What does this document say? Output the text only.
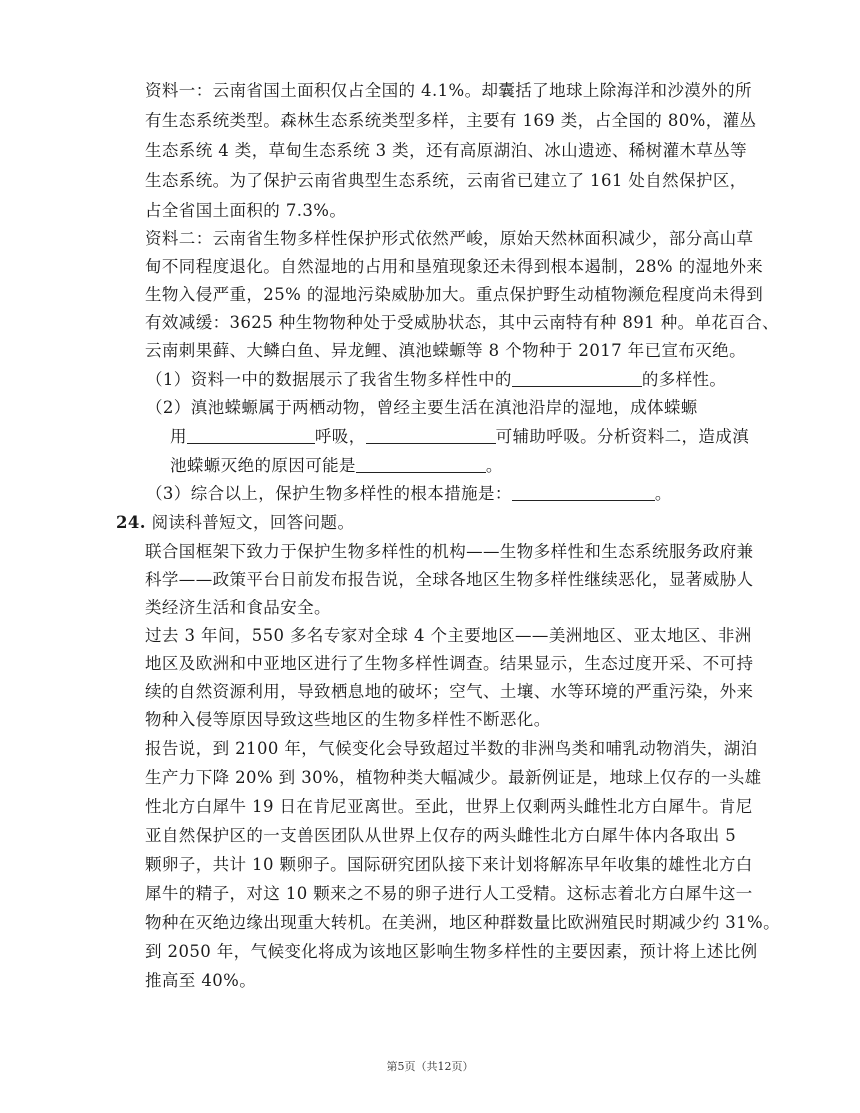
资料一：云南省国土面积仅占全国的 4.1%。却囊括了地球上除海洋和沙漠外的所
有生态系统类型。森林生态系统类型多样，主要有 169 类，占全国的 80%，灌丛
生态系统 4 类，草甸生态系统 3 类，还有高原湖泊、冰山遗迹、稀树灌木草丛等
生态系统。为了保护云南省典型生态系统，云南省已建立了 161 处自然保护区，
占全省国土面积的 7.3%。
资料二：云南省生物多样性保护形式依然严峻，原始天然林面积减少，部分高山草
甸不同程度退化。自然湿地的占用和垦殖现象还未得到根本遏制，28% 的湿地外来
生物入侵严重，25% 的湿地污染威胁加大。重点保护野生动植物濒危程度尚未得到
有效减缓：3625 种生物物种处于受威胁状态，其中云南特有种 891 种。单花百合、
云南刺果藓、大鳞白鱼、异龙鲤、滇池蝾螈等 8 个物种于 2017 年已宣布灭绝。
（1）资料一中的数据展示了我省生物多样性中的	的多样性。
（2）滇池蝾螈属于两栖动物，曾经主要生活在滇池沿岸的湿地，成体蝾螈
用	呼吸，	可辅助呼吸。分析资料二，造成滇
池蝾螈灭绝的原因可能是	。
（3）综合以上，保护生物多样性的根本措施是：	。
24. 阅读科普短文，回答问题。
联合国框架下致力于保护生物多样性的机构——生物多样性和生态系统服务政府兼
科学——政策平台日前发布报告说，全球各地区生物多样性继续恶化，显著威胁人
类经济生活和食品安全。
过去 3 年间，550 多名专家对全球 4 个主要地区——美洲地区、亚太地区、非洲
地区及欧洲和中亚地区进行了生物多样性调查。结果显示，生态过度开采、不可持
续的自然资源利用，导致栖息地的破坏；空气、土壤、水等环境的严重污染，外来
物种入侵等原因导致这些地区的生物多样性不断恶化。
报告说，到 2100 年，气候变化会导致超过半数的非洲鸟类和哺乳动物消失，湖泊
生产力下降 20% 到 30%，植物种类大幅减少。最新例证是，地球上仅存的一头雄
性北方白犀牛 19 日在肯尼亚离世。至此，世界上仅剩两头雌性北方白犀牛。肯尼
亚自然保护区的一支兽医团队从世界上仅存的两头雌性北方白犀牛体内各取出 5
颗卵子，共计 10 颗卵子。国际研究团队接下来计划将解冻早年收集的雄性北方白
犀牛的精子，对这 10 颗来之不易的卵子进行人工受精。这标志着北方白犀牛这一
物种在灭绝边缘出现重大转机。在美洲，地区种群数量比欧洲殖民时期减少约 31%。
到 2050 年，气候变化将成为该地区影响生物多样性的主要因素，预计将上述比例
推高至 40%。
第5页（共12页）
